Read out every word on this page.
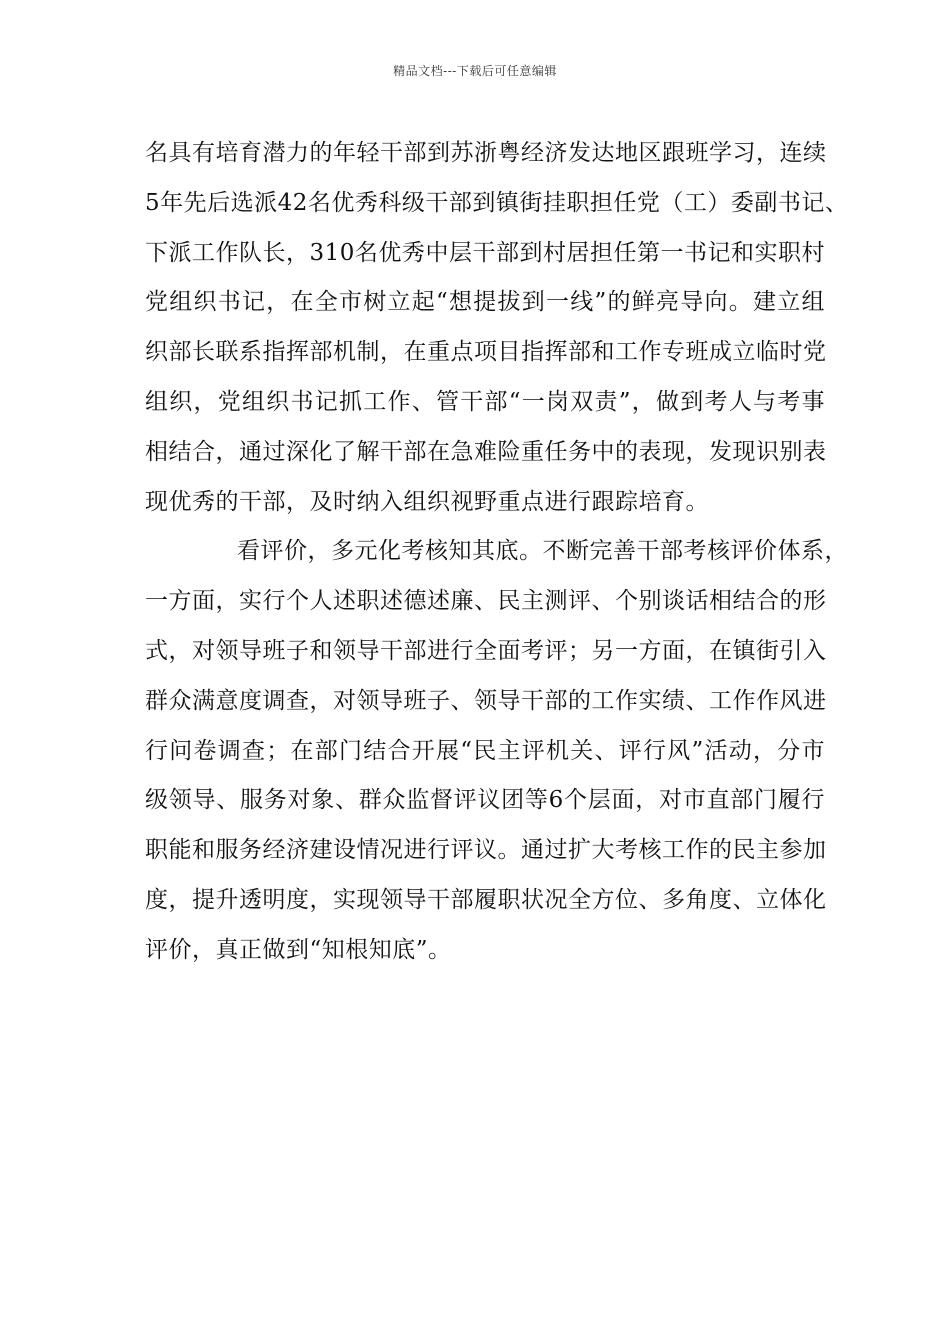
精品文档---下载后可任意编辑
名具有培育潜力的年轻干部到苏浙粤经济发达地区跟班学习，连续
5年先后选派42名优秀科级干部到镇街挂职担任党（工）委副书记、
下派工作队长，310名优秀中层干部到村居担任第一书记和实职村
党组织书记，在全市树立起“想提拔到一线”的鲜亮导向。建立组
织部长联系指挥部机制，在重点项目指挥部和工作专班成立临时党
组织，党组织书记抓工作、管干部“一岗双责”，做到考人与考事
相结合，通过深化了解干部在急难险重任务中的表现，发现识别表
现优秀的干部，及时纳入组织视野重点进行跟踪培育。
看评价，多元化考核知其底。不断完善干部考核评价体系，
一方面，实行个人述职述德述廉、民主测评、个别谈话相结合的形
式，对领导班子和领导干部进行全面考评；另一方面，在镇街引入
群众满意度调查，对领导班子、领导干部的工作实绩、工作作风进
行问卷调查；在部门结合开展“民主评机关、评行风”活动，分市
级领导、服务对象、群众监督评议团等6个层面，对市直部门履行
职能和服务经济建设情况进行评议。通过扩大考核工作的民主参加
度，提升透明度，实现领导干部履职状况全方位、多角度、立体化
评价，真正做到“知根知底”。
